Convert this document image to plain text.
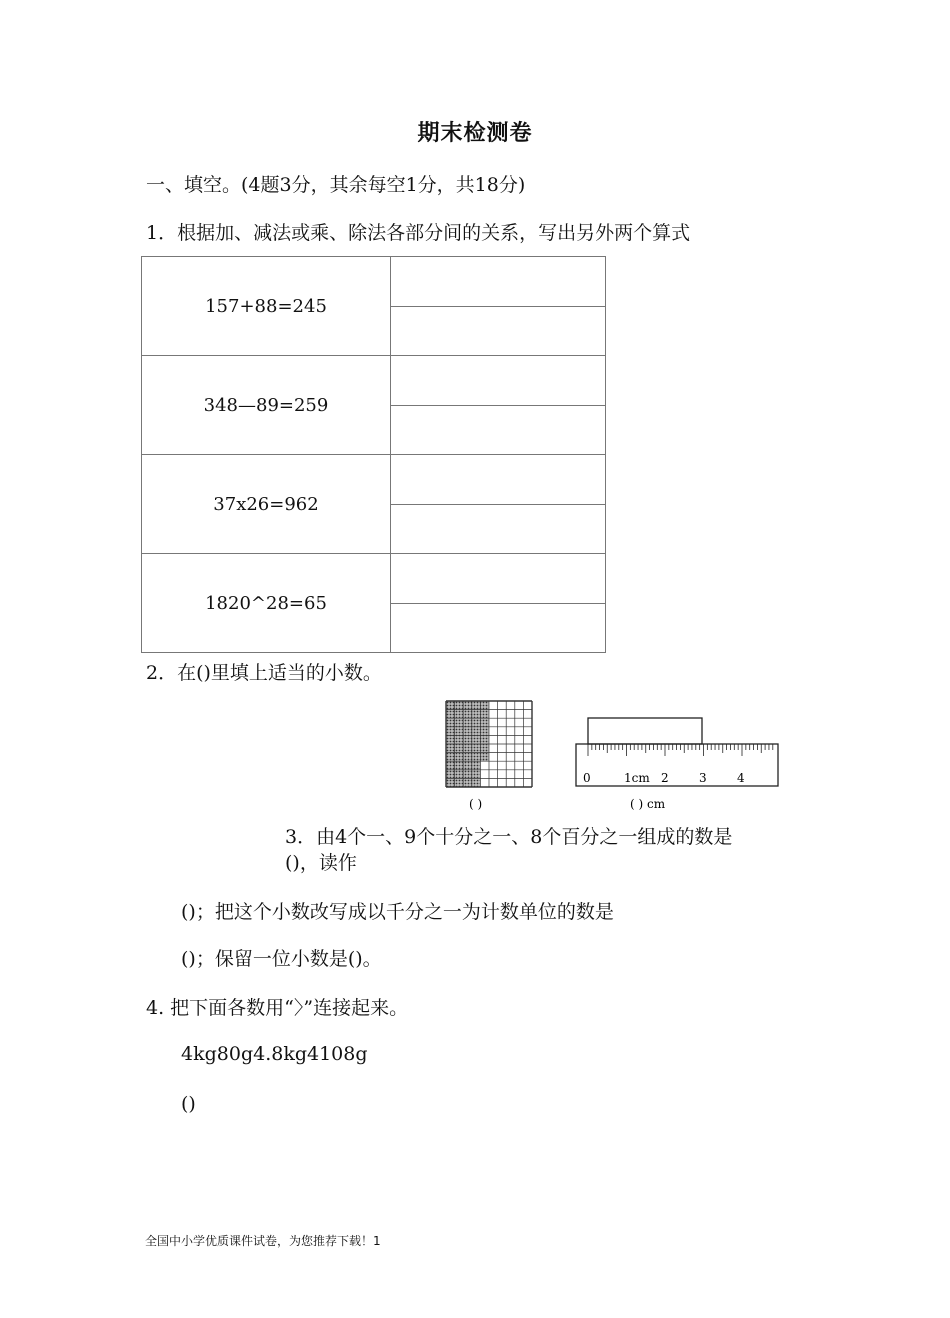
期末检测卷
一、填空。(4题3分，其余每空1分，共18分)
1．根据加、减法或乘、除法各部分间的关系，写出另外两个算式
157+88=245	

348—89=259	

37x26=962	

1820^28=65	

2．在()里填上适当的小数。
( )
0	1cm 2	3	4
( ) cm
3．由4个一、9个十分之一、8个百分之一组成的数是
()，读作
()；把这个小数改写成以千分之一为计数单位的数是
()；保留一位小数是()。
4. 把下面各数用“〉”连接起来。
4kg80g4.8kg4108g
()
全国中小学优质课件试卷，为您推荐下载！1
